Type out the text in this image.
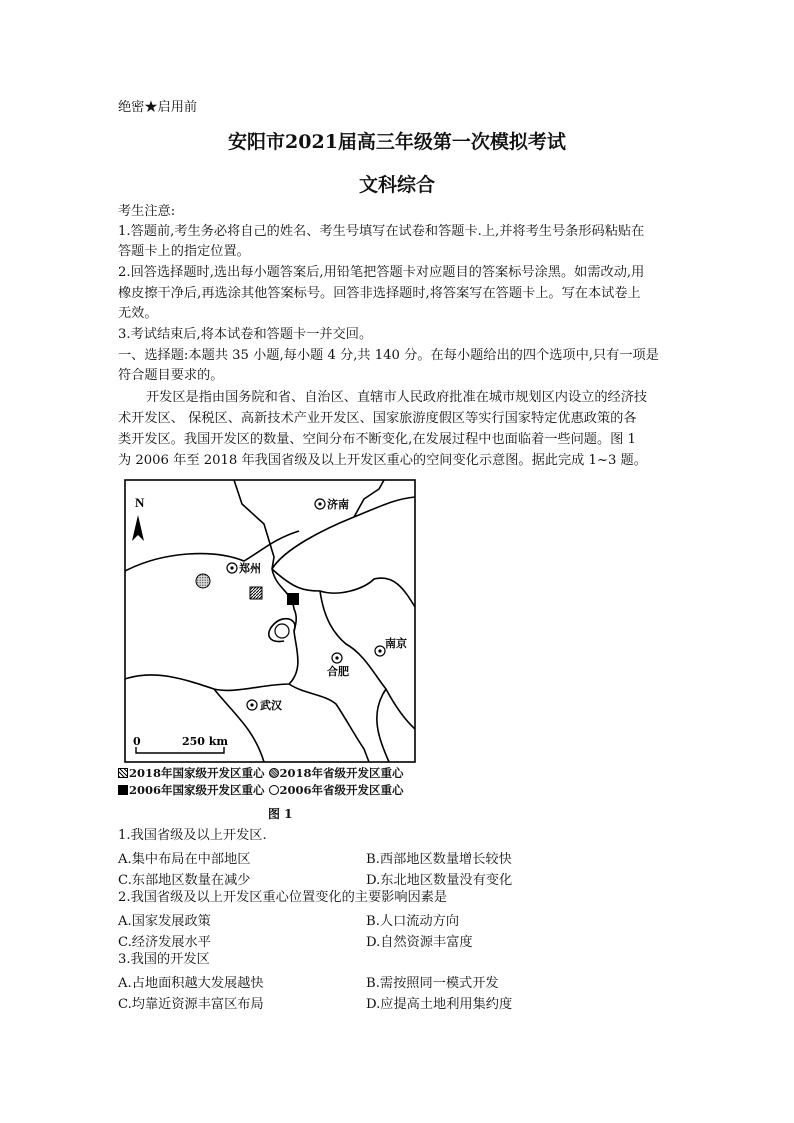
绝密★启用前
安阳市2021届高三年级第一次模拟考试
文科综合
考生注意:
1.答题前,考生务必将自己的姓名、考生号填写在试卷和答题卡.上,并将考生号条形码粘贴在
答题卡上的指定位置。
2.回答选择题时,选出每小题答案后,用铅笔把答题卡对应题目的答案标号涂黑。如需改动,用
橡皮擦干净后,再选涂其他答案标号。回答非选择题时,将答案写在答题卡上。写在本试卷上
无效。
3.考试结束后,将本试卷和答题卡一并交回。
一、选择题:本题共 35 小题,每小题 4 分,共 140 分。在每小题给出的四个选项中,只有一项是
符合题目要求的。
开发区是指由国务院和省、自治区、直辖市人民政府批准在城市规划区内设立的经济技
术开发区、 保税区、高新技术产业开发区、国家旅游度假区等实行国家特定优惠政策的各
类开发区。我国开发区的数量、空间分布不断变化,在发展过程中也面临着一些问题。图 1
为 2006 年至 2018 年我国省级及以上开发区重心的空间变化示意图。据此完成 1~3 题。
N	济南
郑州
南京
合肥
武汉
0	250 km
2018年国家级开发区重心 2018年省级开发区重心
2006年国家级开发区重心 2006年省级开发区重心
图 1
1.我国省级及以上开发区.
A.集中布局在中部地区	B.西部地区数量增长较快
C.东部地区数量在减少	D.东北地区数量没有变化
2.我国省级及以上开发区重心位置变化的主要影响因素是
A.国家发展政策	B.人口流动方向
C.经济发展水平	D.自然资源丰富度
3.我国的开发区
A.占地面积越大发展越快	B.需按照同一模式开发
C.均靠近资源丰富区布局	D.应提高土地利用集约度
